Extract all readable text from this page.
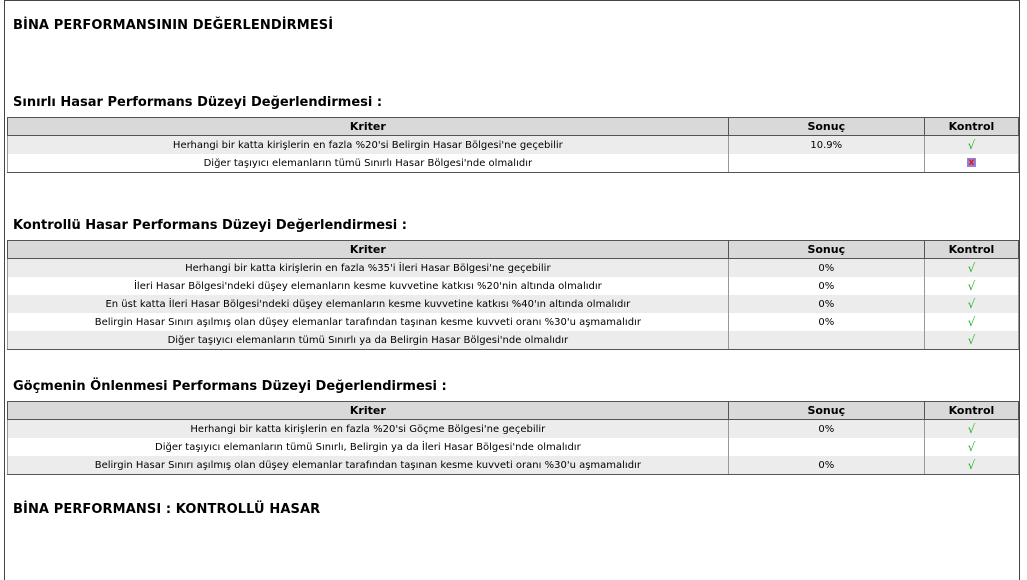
BİNA PERFORMANSININ DEĞERLENDİRMESİ
Sınırlı Hasar Performans Düzeyi Değerlendirmesi :
Kriter	Sonuç	Kontrol
Herhangi bir katta kirişlerin en fazla %20'si Belirgin Hasar Bölgesi'ne geçebilir	10.9%	√
Diğer taşıyıcı elemanların tümü Sınırlı Hasar Bölgesi'nde olmalıdır		x
Kontrollü Hasar Performans Düzeyi Değerlendirmesi :
Kriter	Sonuç	Kontrol
Herhangi bir katta kirişlerin en fazla %35'i İleri Hasar Bölgesi'ne geçebilir	0%	√
İleri Hasar Bölgesi'ndeki düşey elemanların kesme kuvvetine katkısı %20'nin altında olmalıdır	0%	√
En üst katta İleri Hasar Bölgesi'ndeki düşey elemanların kesme kuvvetine katkısı %40'ın altında olmalıdır	0%	√
Belirgin Hasar Sınırı aşılmış olan düşey elemanlar tarafından taşınan kesme kuvveti oranı %30'u aşmamalıdır	0%	√
Diğer taşıyıcı elemanların tümü Sınırlı ya da Belirgin Hasar Bölgesi'nde olmalıdır		√
Göçmenin Önlenmesi Performans Düzeyi Değerlendirmesi :
Kriter	Sonuç	Kontrol
Herhangi bir katta kirişlerin en fazla %20'si Göçme Bölgesi'ne geçebilir	0%	√
Diğer taşıyıcı elemanların tümü Sınırlı, Belirgin ya da İleri Hasar Bölgesi'nde olmalıdır		√
Belirgin Hasar Sınırı aşılmış olan düşey elemanlar tarafından taşınan kesme kuvveti oranı %30'u aşmamalıdır	0%	√
BİNA PERFORMANSI : KONTROLLÜ HASAR
